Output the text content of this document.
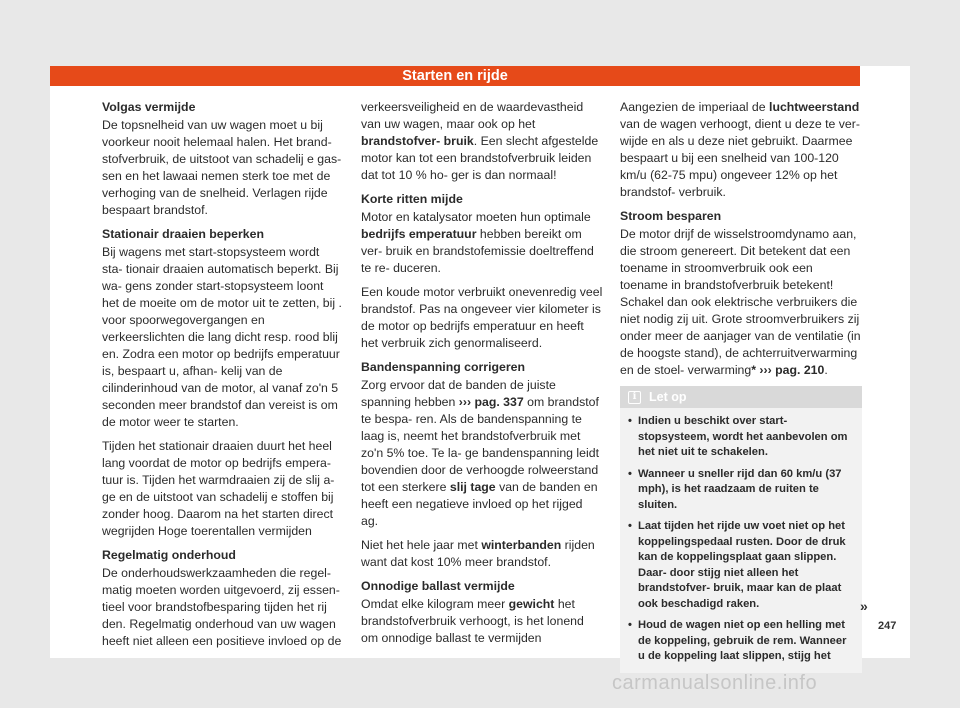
Starten en rijde
Volgas vermijde

De topsnelheid van uw wagen moet u bij voorkeur nooit helemaal halen. Het brand- stofverbruik, de uitstoot van schadelij e gas- sen en het lawaai nemen sterk toe met de verhoging van de snelheid. Verlagen rijde bespaart brandstof.

Stationair draaien beperken

Bij wagens met start-stopsysteem wordt sta- tionair draaien automatisch beperkt. Bij wa- gens zonder start-stopsysteem loont het de moeite om de motor uit te zetten, bij . voor spoorwegovergangen en verkeerslichten die lang dicht resp. rood blij en. Zodra een motor op bedrijfs emperatuur is, bespaart u, afhan- kelij van de cilinderinhoud van de motor, al vanaf zo'n 5 seconden meer brandstof dan vereist is om de motor weer te starten.

Tijden het stationair draaien duurt het heel lang voordat de motor op bedrijfs empera- tuur is. Tijden het warmdraaien zij de slij a- ge en de uitstoot van schadelij e stoffen bij zonder hoog. Daarom na het starten direct wegrijden Hoge toerentallen vermijden

Regelmatig onderhoud

De onderhoudswerkzaamheden die regel- matig moeten worden uitgevoerd, zij essen- tieel voor brandstofbesparing tijden het rij den. Regelmatig onderhoud van uw wagen heeft niet alleen een positieve invloed op de

verkeersveiligheid en de waardevastheid van uw wagen, maar ook op het brandstofver- bruik. Een slecht afgestelde motor kan tot een brandstofverbruik leiden dat tot 10 % ho- ger is dan normaal!

Korte ritten mijde

Motor en katalysator moeten hun optimale bedrijfs emperatuur hebben bereikt om ver- bruik en brandstofemissie doeltreffend te re- duceren.

Een koude motor verbruikt onevenredig veel brandstof. Pas na ongeveer vier kilometer is de motor op bedrijfs emperatuur en heeft het verbruik zich genormaliseerd.

Bandenspanning corrigeren

Zorg ervoor dat de banden de juiste spanning hebben ››› pag. 337 om brandstof te bespa- ren. Als de bandenspanning te laag is, neemt het brandstofverbruik met zo'n 5% toe. Te la- ge bandenspanning leidt bovendien door de verhoogde rolweerstand tot een sterkere slij tage van de banden en heeft een negatieve invloed op het rijged ag.

Niet het hele jaar met winterbanden rijden want dat kost 10% meer brandstof.

Onnodige ballast vermijde

Omdat elke kilogram meer gewicht het brandstofverbruik verhoogt, is het lonend om onnodige ballast te vermijden

Aangezien de imperiaal de luchtweerstand van de wagen verhoogt, dient u deze te ver- wijde en als u deze niet gebruikt. Daarmee bespaart u bij een snelheid van 100-120 km/u (62-75 mpu) ongeveer 12% op het brandstof- verbruik.

Stroom besparen

De motor drijf de wisselstroomdynamo aan, die stroom genereert. Dit betekent dat een toename in stroomverbruik ook een toename in brandstofverbruik betekent! Schakel dan ook elektrische verbruikers die niet nodig zij uit. Grote stroomverbruikers zij onder meer de aanjager van de ventilatie (in de hoogste stand), de achterruitverwarming en de stoel- verwarming* ››› pag. 210.

i	Let op
• Indien u beschikt over start-stopsysteem, wordt het aanbevolen om het niet uit te schakelen.
• Wanneer u sneller rijd dan 60 km/u (37 mph), is het raadzaam de ruiten te sluiten.
• Laat tijden het rijde uw voet niet op het koppelingspedaal rusten. Door de druk kan de koppelingsplaat gaan slippen. Daar- door stijg niet alleen het brandstofver- bruik, maar kan de plaat ook beschadigd raken.
• Houd de wagen niet op een helling met de koppeling, gebruik de rem. Wanneer u de koppeling laat slippen, stijg het
»
247
carmanualsonline.info
